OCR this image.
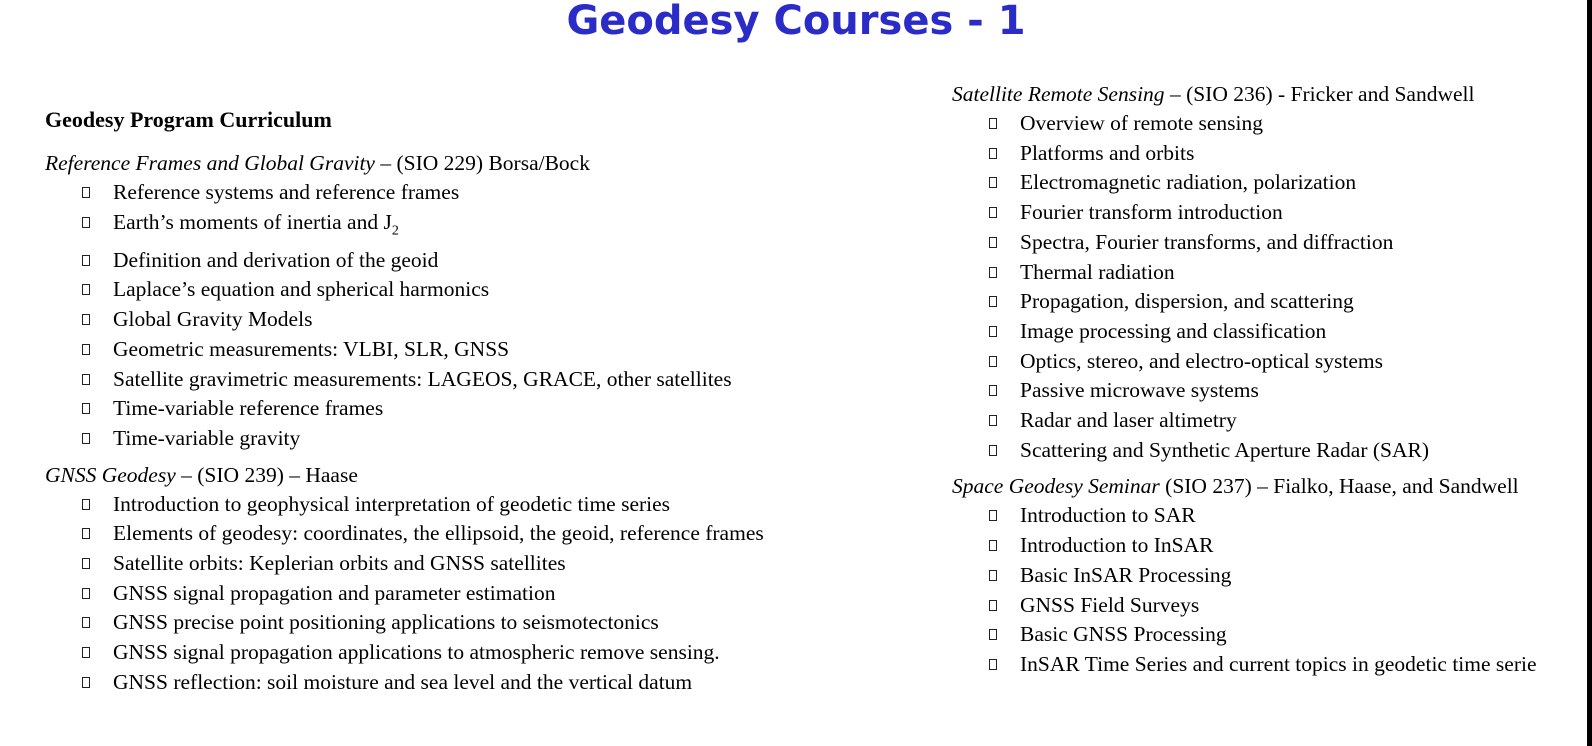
Geodesy Courses - 1
Geodesy Program Curriculum
Reference Frames and Global Gravity – (SIO 229) Borsa/Bock
Reference systems and reference frames
Earth’s moments of inertia and $J_2$
Definition and derivation of the geoid
Laplace’s equation and spherical harmonics
Global Gravity Models
Geometric measurements: VLBI, SLR, GNSS
Satellite gravimetric measurements: LAGEOS, GRACE, other satellites
Time-variable reference frames
Time-variable gravity
GNSS Geodesy – (SIO 239) – Haase
Introduction to geophysical interpretation of geodetic time series
Elements of geodesy: coordinates, the ellipsoid, the geoid, reference frames
Satellite orbits: Keplerian orbits and GNSS satellites
GNSS signal propagation and parameter estimation
GNSS precise point positioning applications to seismotectonics
GNSS signal propagation applications to atmospheric remove sensing.
GNSS reflection: soil moisture and sea level and the vertical datum
Satellite Remote Sensing – (SIO 236) - Fricker and Sandwell
Overview of remote sensing
Platforms and orbits
Electromagnetic radiation, polarization
Fourier transform introduction
Spectra, Fourier transforms, and diffraction
Thermal radiation
Propagation, dispersion, and scattering
Image processing and classification
Optics, stereo, and electro-optical systems
Passive microwave systems
Radar and laser altimetry
Scattering and Synthetic Aperture Radar (SAR)
Space Geodesy Seminar (SIO 237) – Fialko, Haase, and Sandwell
Introduction to SAR
Introduction to InSAR
Basic InSAR Processing
GNSS Field Surveys
Basic GNSS Processing
InSAR Time Series and current topics in geodetic time serie
